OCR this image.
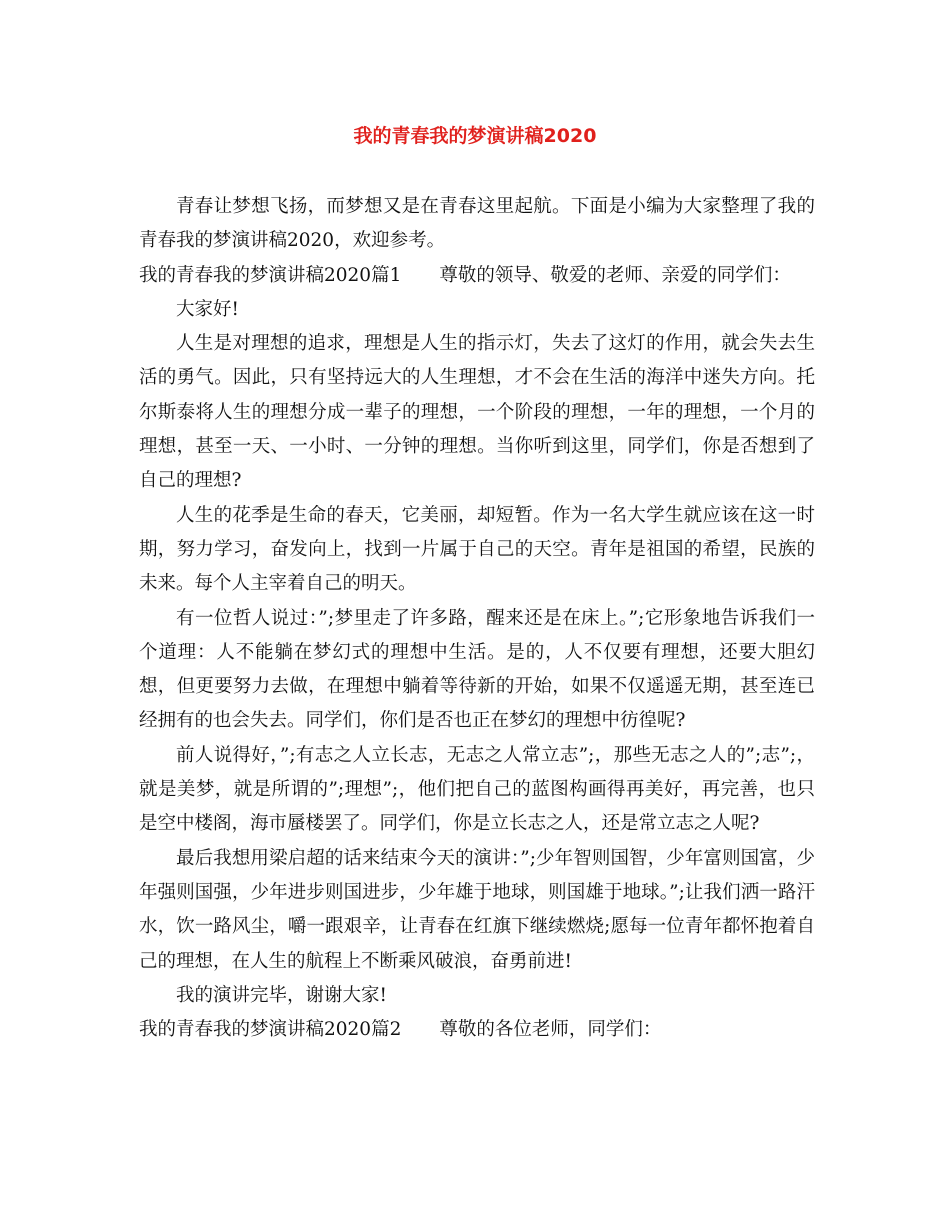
我的青春我的梦演讲稿2020

青春让梦想飞扬，而梦想又是在青春这里起航。下面是小编为大家整理了我的青春我的梦演讲稿2020，欢迎参考。

我的青春我的梦演讲稿2020篇1 尊敬的领导、敬爱的老师、亲爱的同学们：

大家好!

人生是对理想的追求，理想是人生的指示灯，失去了这灯的作用，就会失去生活的勇气。因此，只有坚持远大的人生理想，才不会在生活的海洋中迷失方向。托尔斯泰将人生的理想分成一辈子的理想，一个阶段的理想，一年的理想，一个月的理想，甚至一天、一小时、一分钟的理想。当你听到这里，同学们，你是否想到了自己的理想?

人生的花季是生命的春天，它美丽，却短暂。作为一名大学生就应该在这一时期，努力学习，奋发向上，找到一片属于自己的天空。青年是祖国的希望，民族的未来。每个人主宰着自己的明天。

有一位哲人说过：”;梦里走了许多路，醒来还是在床上。”;它形象地告诉我们一个道理：人不能躺在梦幻式的理想中生活。是的，人不仅要有理想，还要大胆幻想，但更要努力去做，在理想中躺着等待新的开始，如果不仅遥遥无期，甚至连已经拥有的也会失去。同学们，你们是否也正在梦幻的理想中彷徨呢?

前人说得好，”;有志之人立长志，无志之人常立志”;，那些无志之人的”;志”;，就是美梦，就是所谓的”;理想”;，他们把自己的蓝图构画得再美好，再完善，也只是空中楼阁，海市蜃楼罢了。同学们，你是立长志之人，还是常立志之人呢?

最后我想用梁启超的话来结束今天的演讲：”;少年智则国智，少年富则国富，少年强则国强，少年进步则国进步，少年雄于地球，则国雄于地球。”;让我们洒一路汗水，饮一路风尘，嚼一跟艰辛，让青春在红旗下继续燃烧;愿每一位青年都怀抱着自己的理想，在人生的航程上不断乘风破浪，奋勇前进!

我的演讲完毕，谢谢大家!

我的青春我的梦演讲稿2020篇2 尊敬的各位老师，同学们：
